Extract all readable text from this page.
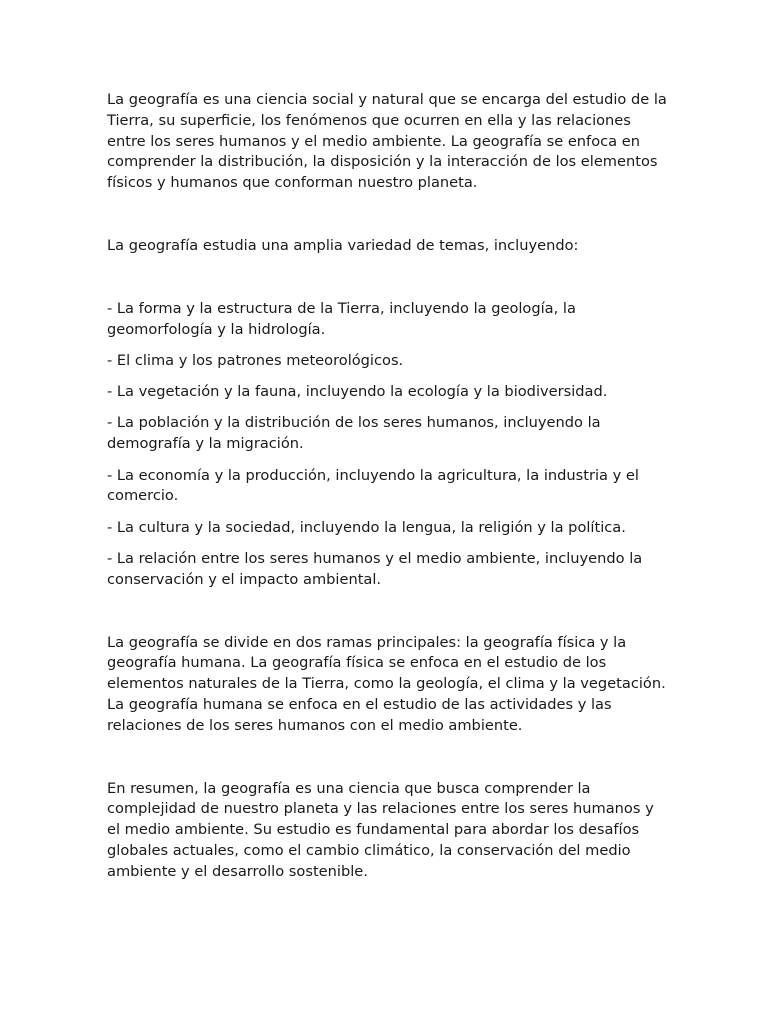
La geografía es una ciencia social y natural que se encarga del estudio de la Tierra, su superficie, los fenómenos que ocurren en ella y las relaciones entre los seres humanos y el medio ambiente. La geografía se enfoca en comprender la distribución, la disposición y la interacción de los elementos físicos y humanos que conforman nuestro planeta.

La geografía estudia una amplia variedad de temas, incluyendo:

- La forma y la estructura de la Tierra, incluyendo la geología, la geomorfología y la hidrología.

- El clima y los patrones meteorológicos.

- La vegetación y la fauna, incluyendo la ecología y la biodiversidad.

- La población y la distribución de los seres humanos, incluyendo la demografía y la migración.

- La economía y la producción, incluyendo la agricultura, la industria y el comercio.

- La cultura y la sociedad, incluyendo la lengua, la religión y la política.

- La relación entre los seres humanos y el medio ambiente, incluyendo la conservación y el impacto ambiental.

La geografía se divide en dos ramas principales: la geografía física y la geografía humana. La geografía física se enfoca en el estudio de los elementos naturales de la Tierra, como la geología, el clima y la vegetación. La geografía humana se enfoca en el estudio de las actividades y las relaciones de los seres humanos con el medio ambiente.

En resumen, la geografía es una ciencia que busca comprender la complejidad de nuestro planeta y las relaciones entre los seres humanos y el medio ambiente. Su estudio es fundamental para abordar los desafíos globales actuales, como el cambio climático, la conservación del medio ambiente y el desarrollo sostenible.
